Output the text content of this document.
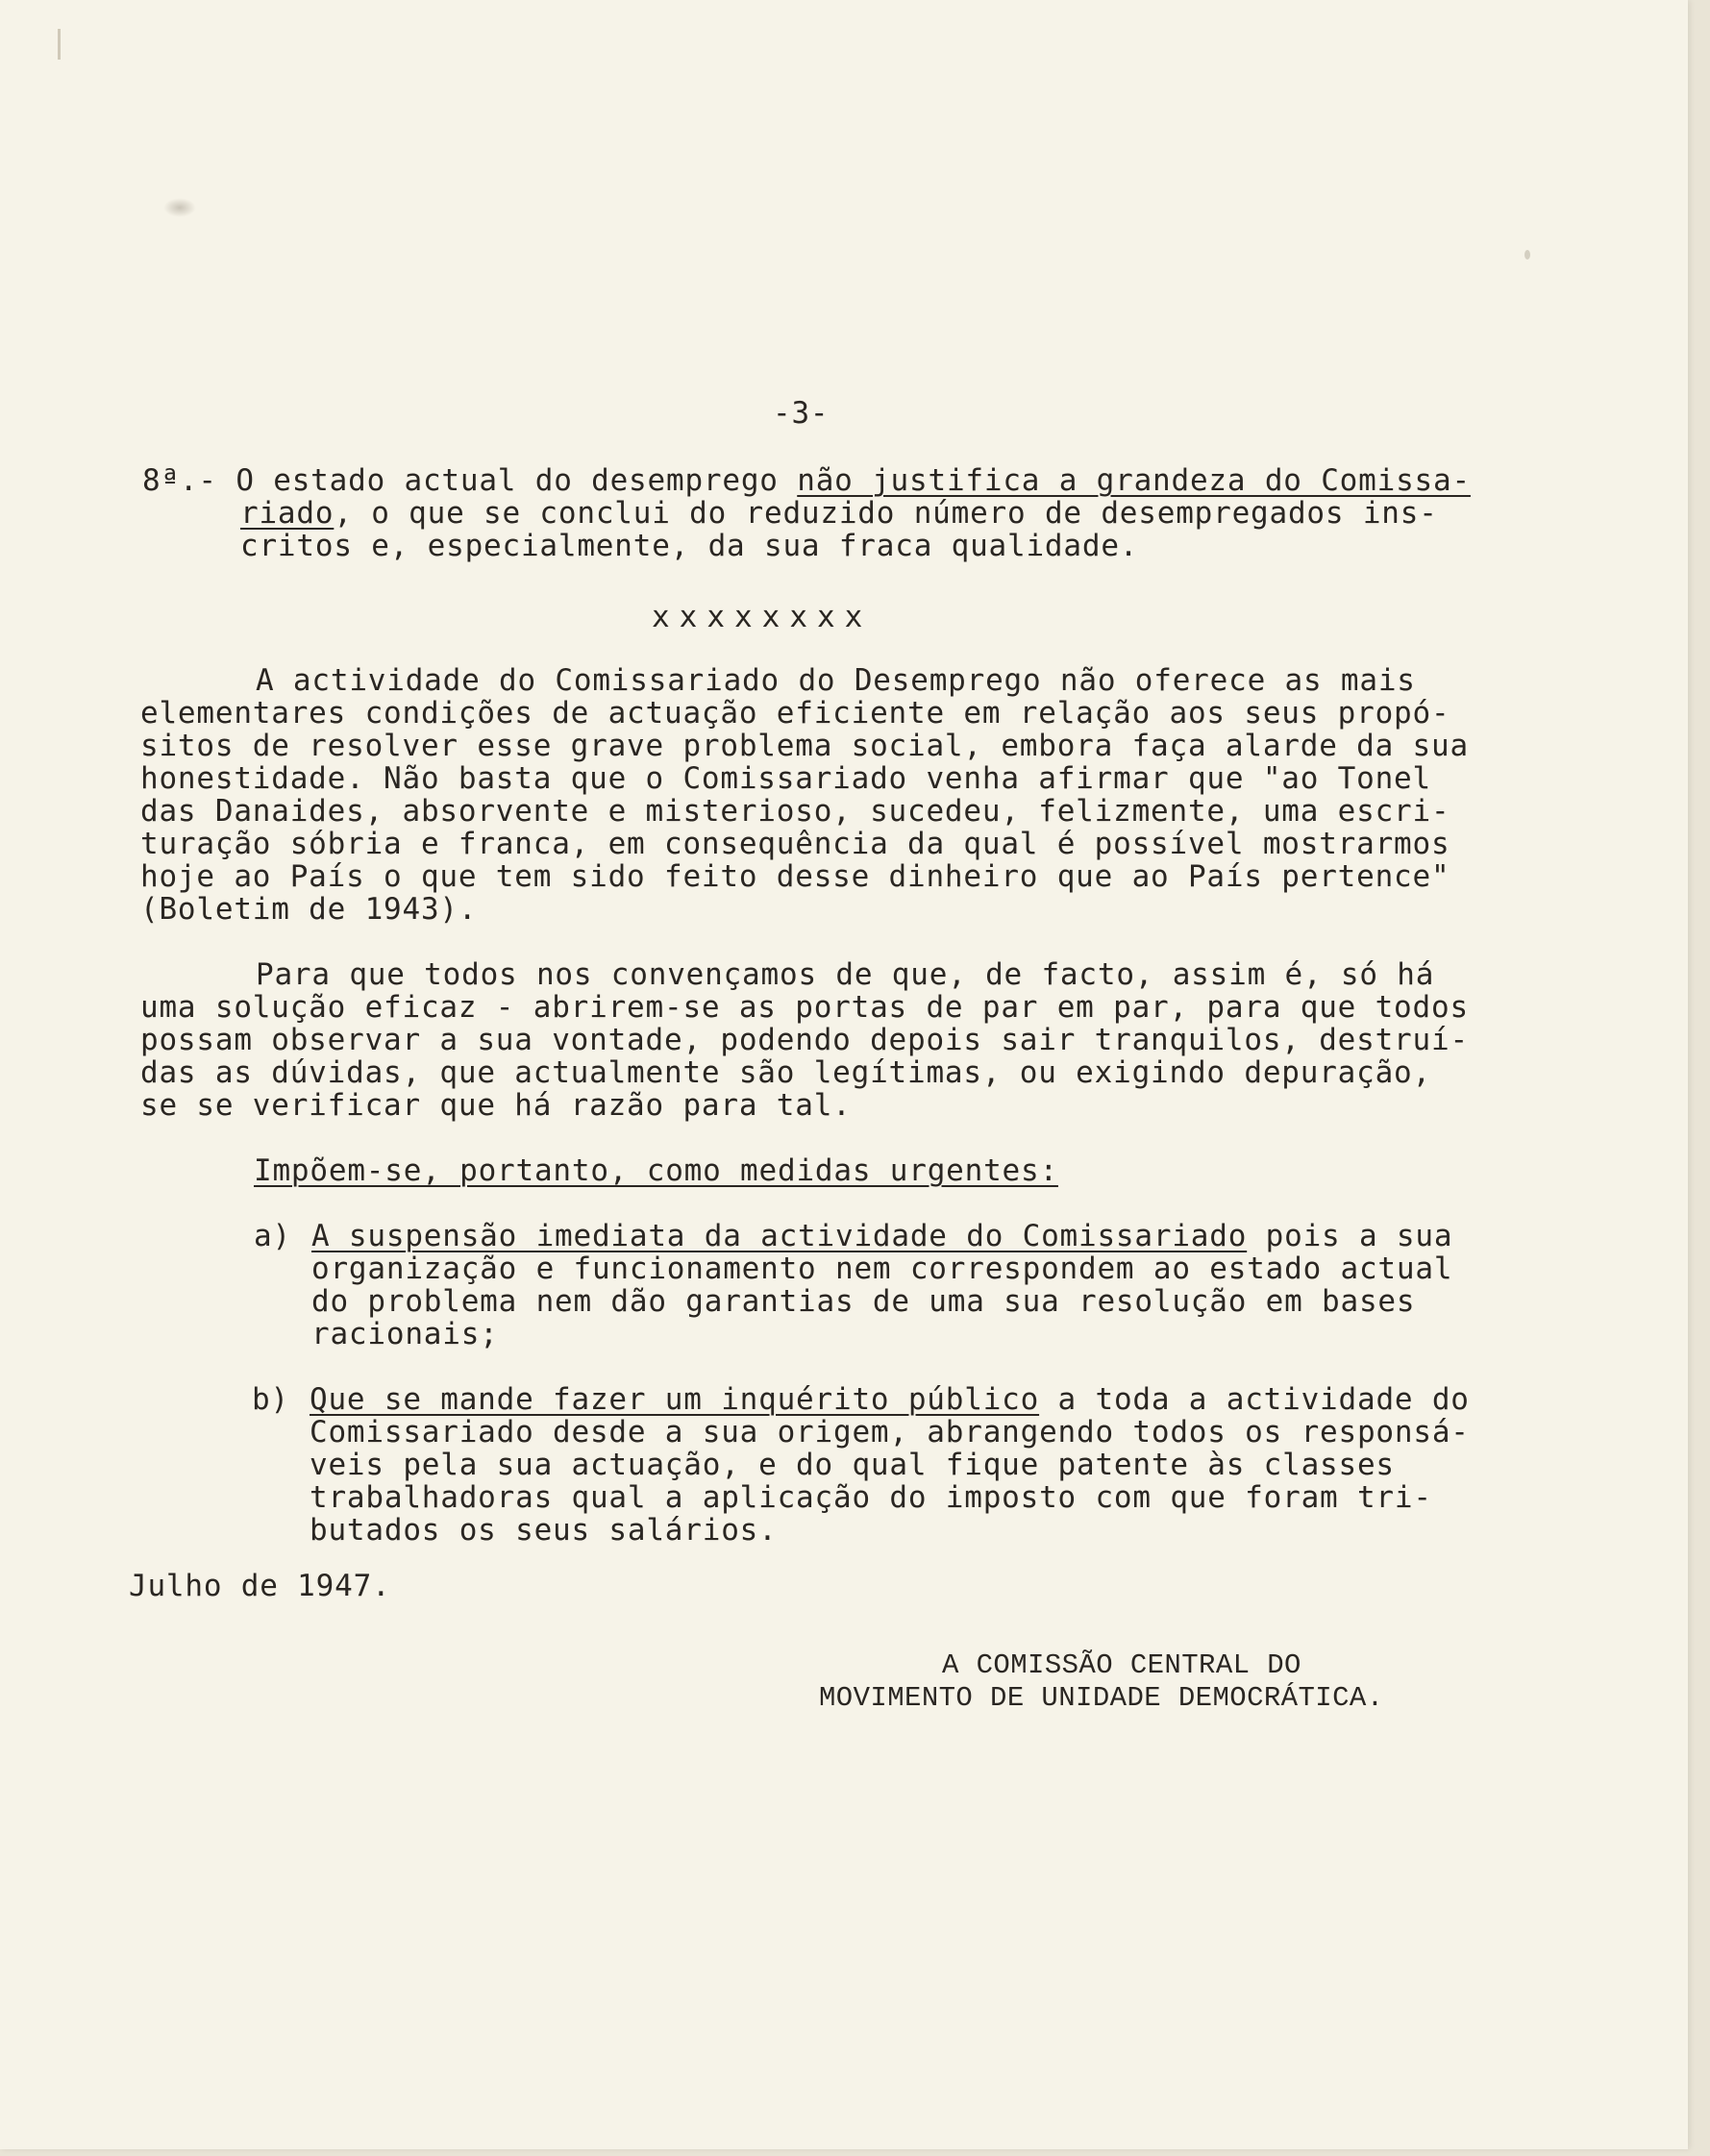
-3-

8ª.- O estado actual do desemprego não justifica a grandeza do Comissa-

riado, o que se conclui do reduzido número de desempregados ins-

critos e, especialmente, da sua fraca qualidade.

xxxxxxxx

A actividade do Comissariado do Desemprego não oferece as mais

elementares condições de actuação eficiente em relação aos seus propó-

sitos de resolver esse grave problema social, embora faça alarde da sua

honestidade. Não basta que o Comissariado venha afirmar que "ao Tonel

das Danaides, absorvente e misterioso, sucedeu, felizmente, uma escri-

turação sóbria e franca, em consequência da qual é possível mostrarmos

hoje ao País o que tem sido feito desse dinheiro que ao País pertence"

(Boletim de 1943).

Para que todos nos convençamos de que, de facto, assim é, só há

uma solução eficaz - abrirem-se as portas de par em par, para que todos

possam observar a sua vontade, podendo depois sair tranquilos, destruí-

das as dúvidas, que actualmente são legítimas, ou exigindo depuração,

se se verificar que há razão para tal.

Impõem-se, portanto, como medidas urgentes:

a) A suspensão imediata da actividade do Comissariado pois a sua

organização e funcionamento nem correspondem ao estado actual

do problema nem dão garantias de uma sua resolução em bases

racionais;

b) Que se mande fazer um inquérito público a toda a actividade do

Comissariado desde a sua origem, abrangendo todos os responsá-

veis pela sua actuação, e do qual fique patente às classes

trabalhadoras qual a aplicação do imposto com que foram tri-

butados os seus salários.

Julho de 1947.

A COMISSÃO CENTRAL DO

MOVIMENTO DE UNIDADE DEMOCRÁTICA.
